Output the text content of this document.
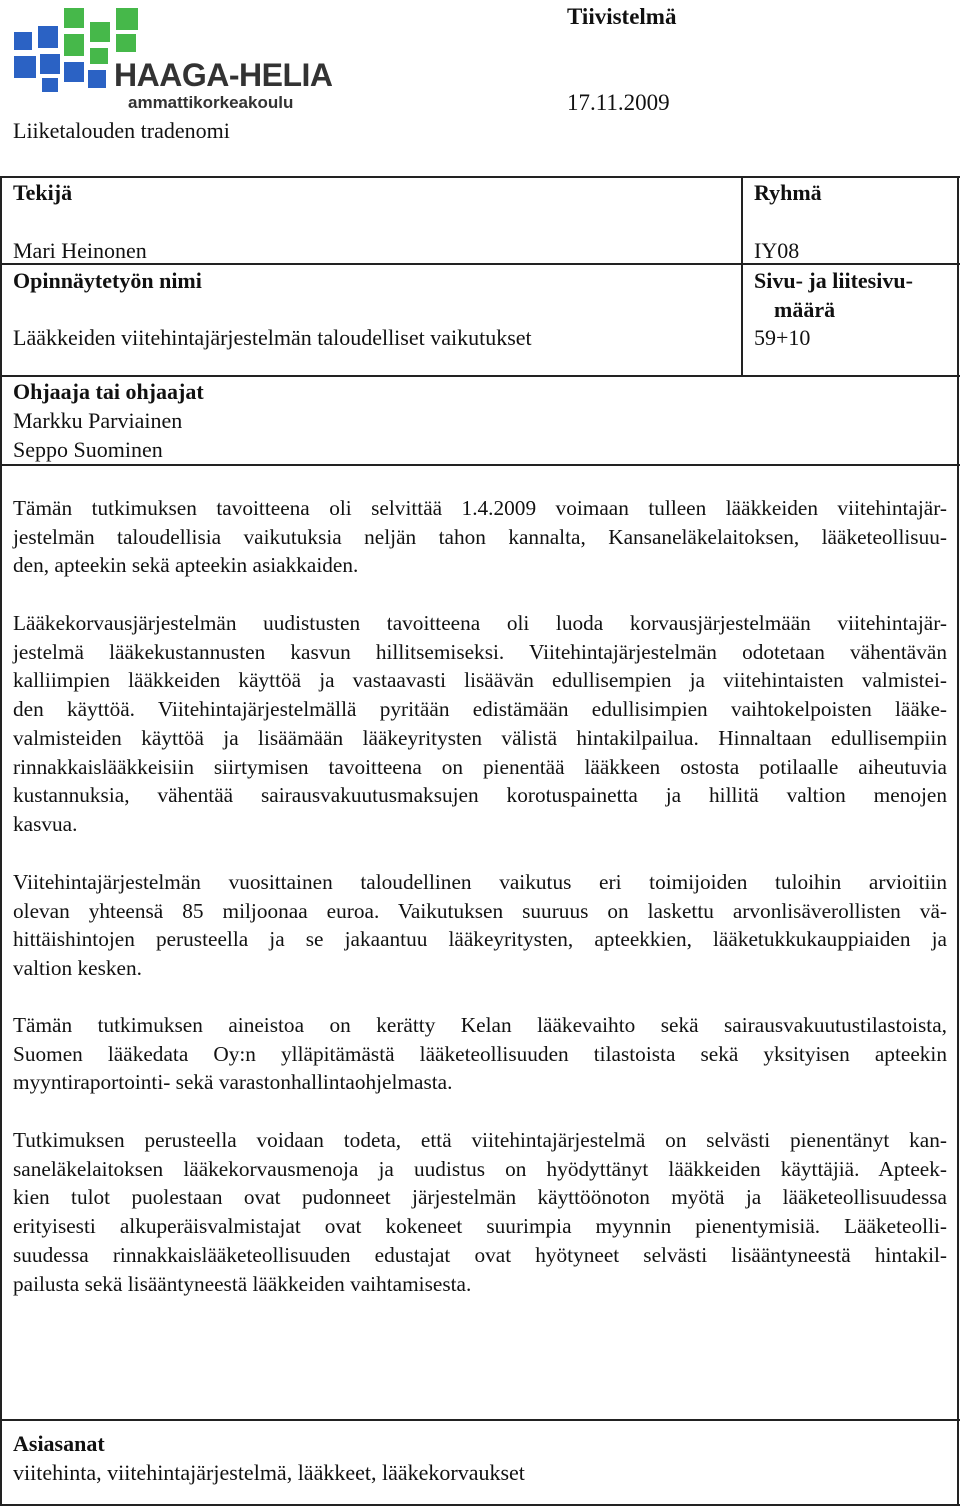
HAAGA-HELIA
ammattikorkeakoulu
Tiivistelmä
17.11.2009
Liiketalouden tradenomi
Tekijä
Mari Heinonen
Ryhmä
IY08
Opinnäytetyön nimi
Lääkkeiden viitehintajärjestelmän taloudelliset vaikutukset
Sivu- ja liitesivu-
määrä
59+10
Ohjaaja tai ohjaajat
Markku Parviainen
Seppo Suominen
Tämän tutkimuksen tavoitteena oli selvittää 1.4.2009 voimaan tulleen lääkkeiden viitehintajär-
jestelmän taloudellisia vaikutuksia neljän tahon kannalta, Kansaneläkelaitoksen, lääketeollisuu-
den, apteekin sekä apteekin asiakkaiden.
Lääkekorvausjärjestelmän uudistusten tavoitteena oli luoda korvausjärjestelmään viitehintajär-
jestelmä lääkekustannusten kasvun hillitsemiseksi. Viitehintajärjestelmän odotetaan vähentävän
kalliimpien lääkkeiden käyttöä ja vastaavasti lisäävän edullisempien ja viitehintaisten valmistei-
den käyttöä. Viitehintajärjestelmällä pyritään edistämään edullisimpien vaihtokelpoisten lääke-
valmisteiden käyttöä ja lisäämään lääkeyritysten välistä hintakilpailua. Hinnaltaan edullisempiin
rinnakkaislääkkeisiin siirtymisen tavoitteena on pienentää lääkkeen ostosta potilaalle aiheutuvia
kustannuksia, vähentää sairausvakuutusmaksujen korotuspainetta ja hillitä valtion menojen
kasvua.
Viitehintajärjestelmän vuosittainen taloudellinen vaikutus eri toimijoiden tuloihin arvioitiin
olevan yhteensä 85 miljoonaa euroa. Vaikutuksen suuruus on laskettu arvonlisäverollisten vä-
hittäishintojen perusteella ja se jakaantuu lääkeyritysten, apteekkien, lääketukkukauppiaiden ja
valtion kesken.
Tämän tutkimuksen aineistoa on kerätty Kelan lääkevaihto sekä sairausvakuutustilastoista,
Suomen lääkedata Oy:n ylläpitämästä lääketeollisuuden tilastoista sekä yksityisen apteekin
myyntiraportointi- sekä varastonhallintaohjelmasta.
Tutkimuksen perusteella voidaan todeta, että viitehintajärjestelmä on selvästi pienentänyt kan-
saneläkelaitoksen lääkekorvausmenoja ja uudistus on hyödyttänyt lääkkeiden käyttäjiä. Apteek-
kien tulot puolestaan ovat pudonneet järjestelmän käyttöönoton myötä ja lääketeollisuudessa
erityisesti alkuperäisvalmistajat ovat kokeneet suurimpia myynnin pienentymisiä. Lääketeolli-
suudessa rinnakkaislääketeollisuuden edustajat ovat hyötyneet selvästi lisääntyneestä hintakil-
pailusta sekä lisääntyneestä lääkkeiden vaihtamisesta.
Asiasanat
viitehinta, viitehintajärjestelmä, lääkkeet, lääkekorvaukset
